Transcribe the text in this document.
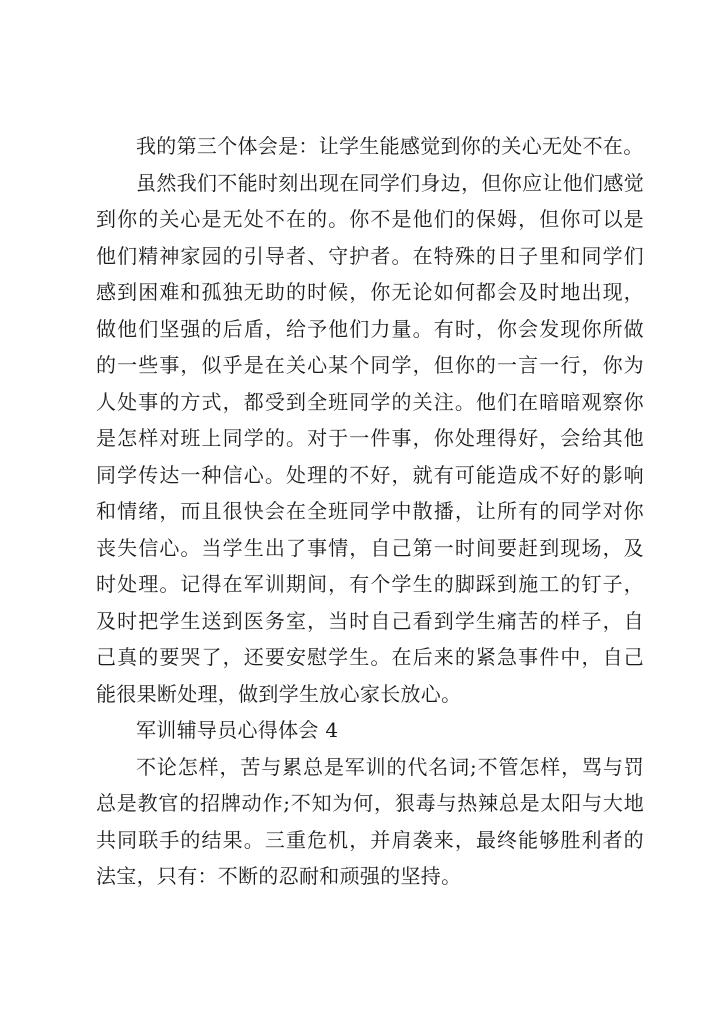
我的第三个体会是：让学生能感觉到你的关心无处不在。

虽然我们不能时刻出现在同学们身边，但你应让他们感觉到你的关心是无处不在的。你不是他们的保姆，但你可以是他们精神家园的引导者、守护者。在特殊的日子里和同学们感到困难和孤独无助的时候，你无论如何都会及时地出现，做他们坚强的后盾，给予他们力量。有时，你会发现你所做的一些事，似乎是在关心某个同学，但你的一言一行，你为人处事的方式，都受到全班同学的关注。他们在暗暗观察你是怎样对班上同学的。对于一件事，你处理得好，会给其他同学传达一种信心。处理的不好，就有可能造成不好的影响和情绪，而且很快会在全班同学中散播，让所有的同学对你丧失信心。当学生出了事情，自己第一时间要赶到现场，及时处理。记得在军训期间，有个学生的脚踩到施工的钉子，及时把学生送到医务室，当时自己看到学生痛苦的样子，自己真的要哭了，还要安慰学生。在后来的紧急事件中，自己能很果断处理，做到学生放心家长放心。

军训辅导员心得体会 4

不论怎样，苦与累总是军训的代名词;不管怎样，骂与罚总是教官的招牌动作;不知为何，狠毒与热辣总是太阳与大地共同联手的结果。三重危机，并肩袭来，最终能够胜利者的法宝，只有：不断的忍耐和顽强的坚持。
